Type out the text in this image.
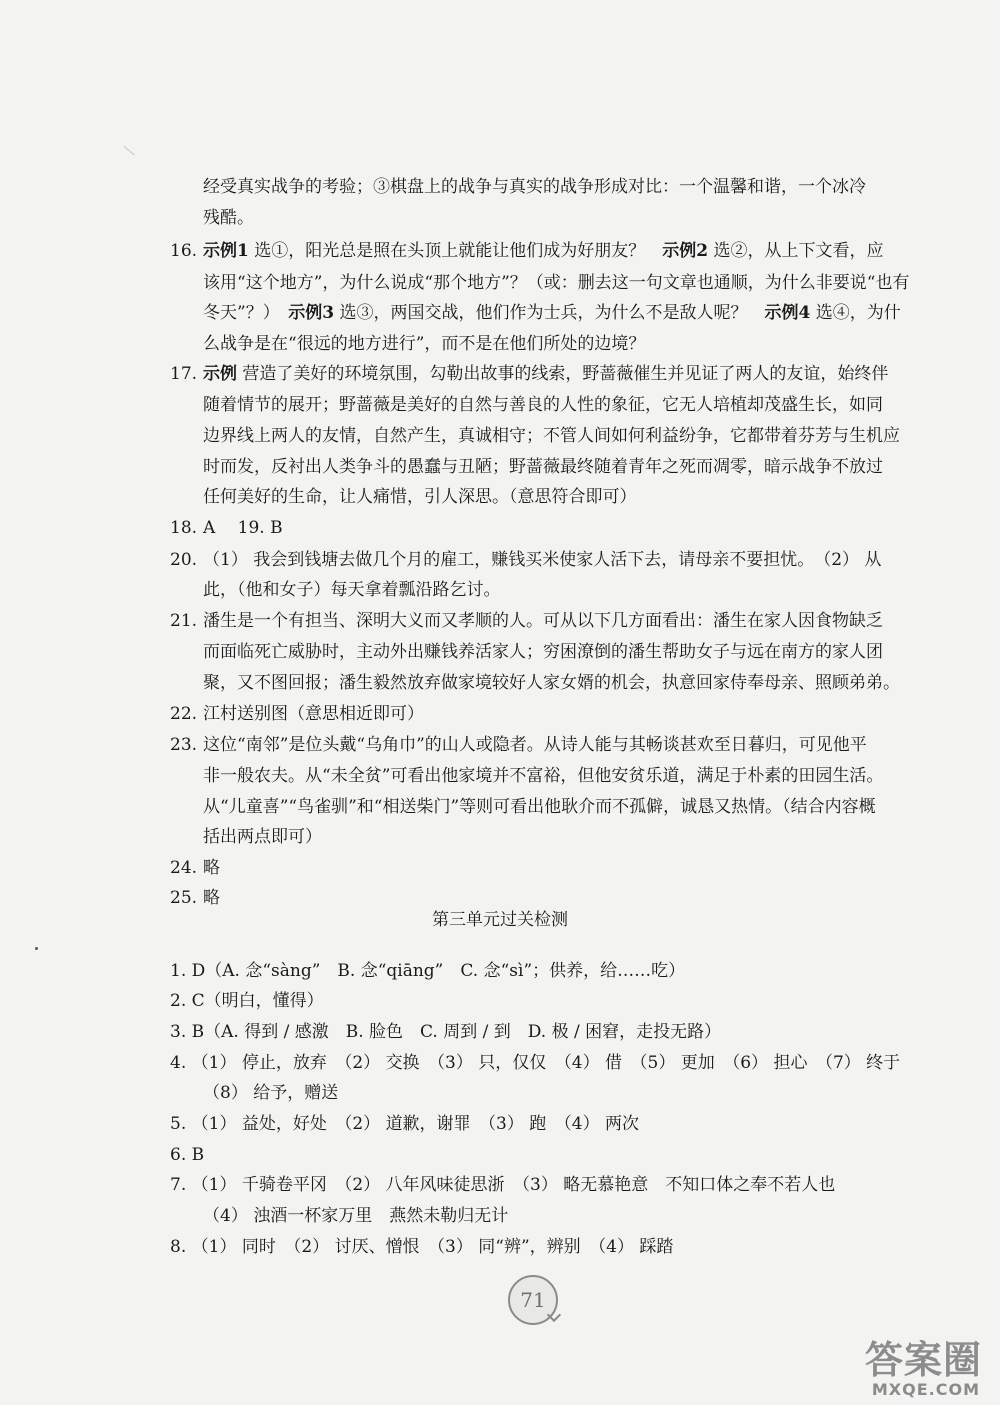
经受真实战争的考验；③棋盘上的战争与真实的战争形成对比：一个温馨和谐，一个冰冷
残酷。
16. 示例1 选①，阳光总是照在头顶上就能让他们成为好朋友？　示例2 选②，从上下文看，应
该用“这个地方”，为什么说成“那个地方”？（或：删去这一句文章也通顺，为什么非要说“也有
冬天”？）　示例3 选③，两国交战，他们作为士兵，为什么不是敌人呢？　示例4 选④，为什
么战争是在“很远的地方进行”，而不是在他们所处的边境？
17. 示例 营造了美好的环境氛围，勾勒出故事的线索，野蔷薇催生并见证了两人的友谊，始终伴
随着情节的展开；野蔷薇是美好的自然与善良的人性的象征，它无人培植却茂盛生长，如同
边界线上两人的友情，自然产生，真诚相守；不管人间如何利益纷争，它都带着芬芳与生机应
时而发，反衬出人类争斗的愚蠢与丑陋；野蔷薇最终随着青年之死而凋零，暗示战争不放过
任何美好的生命，让人痛惜，引人深思。（意思符合即可）
18. A　 19. B
20. （1） 我会到钱塘去做几个月的雇工，赚钱买米使家人活下去，请母亲不要担忧。　（2） 从
此，（他和女子）每天拿着瓢沿路乞讨。
21. 潘生是一个有担当、深明大义而又孝顺的人。可从以下几方面看出：潘生在家人因食物缺乏
而面临死亡威胁时，主动外出赚钱养活家人；穷困潦倒的潘生帮助女子与远在南方的家人团
聚，又不图回报；潘生毅然放弃做家境较好人家女婿的机会，执意回家侍奉母亲、照顾弟弟。
22. 江村送别图（意思相近即可）
23. 这位“南邻”是位头戴“乌角巾”的山人或隐者。从诗人能与其畅谈甚欢至日暮归，可见他平
非一般农夫。从“未全贫”可看出他家境并不富裕，但他安贫乐道，满足于朴素的田园生活。
从“儿童喜”“鸟雀驯”和“相送柴门”等则可看出他耿介而不孤僻，诚恳又热情。（结合内容概
括出两点即可）
24. 略
25. 略
1. D（A. 念“sàng”　B. 念“qiāng”　C. 念“sì”；供养，给……吃）
2. C（明白，懂得）
3. B（A. 得到 / 感激　B. 脸色　C. 周到 / 到　D. 极 / 困窘，走投无路）
4. （1） 停止，放弃　（2） 交换　（3） 只，仅仅　（4） 借　（5） 更加　（6） 担心　（7） 终于
（8） 给予，赠送
5. （1） 益处，好处　（2） 道歉，谢罪　（3） 跑　（4） 两次
6. B
7. （1） 千骑卷平冈　（2） 八年风味徒思浙　（3） 略无慕艳意　不知口体之奉不若人也
（4） 浊酒一杯家万里　燕然未勒归无计
8. （1） 同时　（2） 讨厌、憎恨　（3） 同“辨”，辨别　（4） 踩踏
第三单元过关检测
71
答案圈
MXQE.COM
